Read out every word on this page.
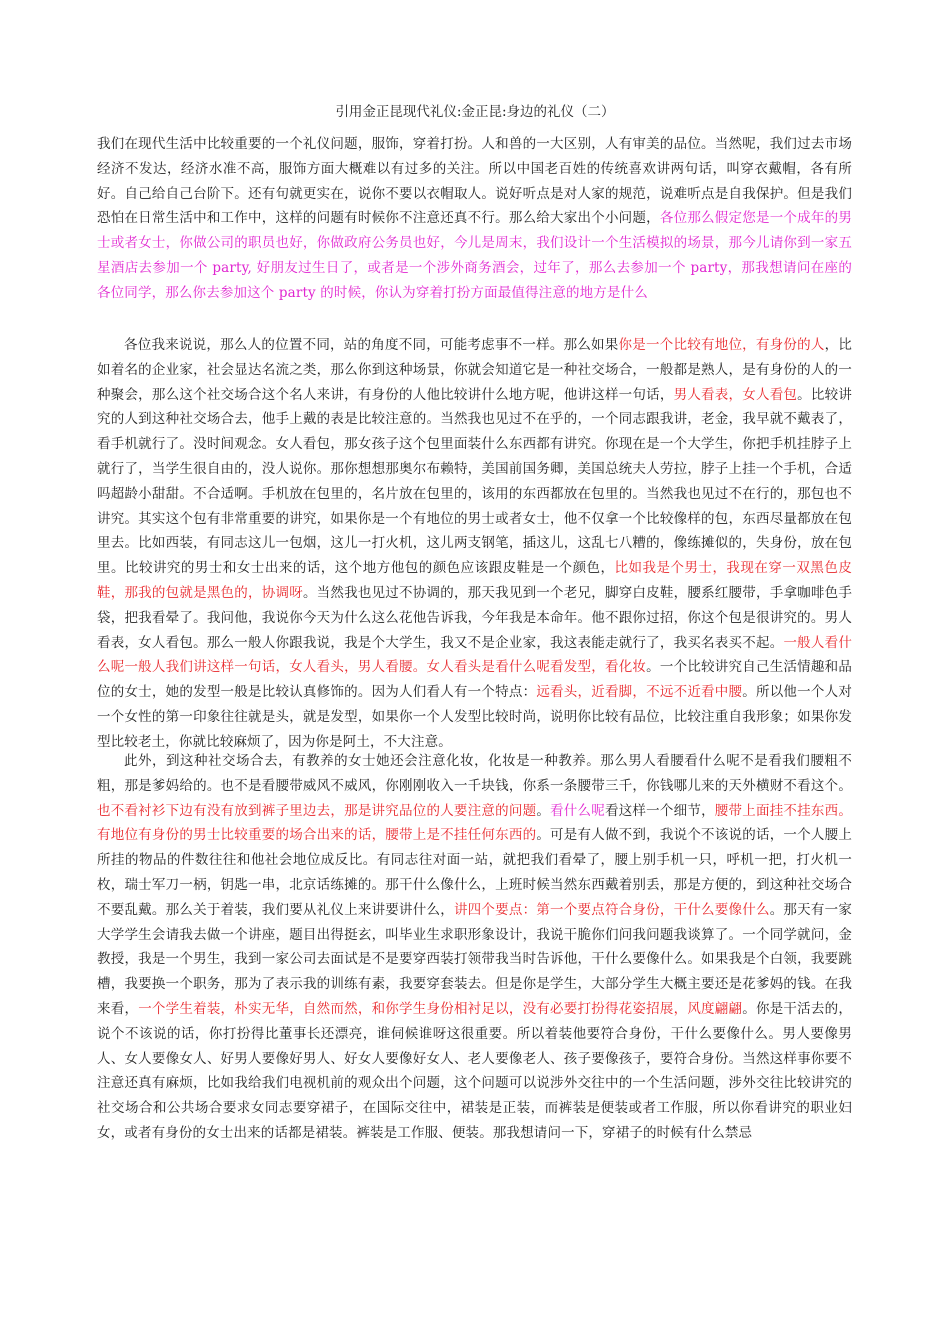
引用金正昆现代礼仪:金正昆:身边的礼仪（二）

我们在现代生活中比较重要的一个礼仪问题，服饰，穿着打扮。人和兽的一大区别，人有审美的品位。当然呢，我们过去市场经济不发达，经济水准不高，服饰方面大概难以有过多的关注。所以中国老百姓的传统喜欢讲两句话，叫穿衣戴帽，各有所好。自己给自己台阶下。还有句就更实在，说你不要以衣帽取人。说好听点是对人家的规范，说难听点是自我保护。但是我们恐怕在日常生活中和工作中，这样的问题有时候你不注意还真不行。那么给大家出个小问题，各位那么假定您是一个成年的男士或者女士，你做公司的职员也好，你做政府公务员也好，今儿是周末，我们设计一个生活模拟的场景，那今儿请你到一家五星酒店去参加一个 party, 好朋友过生日了，或者是一个涉外商务酒会，过年了，那么去参加一个 party，那我想请问在座的各位同学，那么你去参加这个 party 的时候，你认为穿着打扮方面最值得注意的地方是什么

各位我来说说，那么人的位置不同，站的角度不同，可能考虑事不一样。那么如果你是一个比较有地位，有身份的人，比如着名的企业家，社会显达名流之类，那么你到这种场景，你就会知道它是一种社交场合，一般都是熟人，是有身份的人的一种聚会，那么这个社交场合这个名人来讲，有身份的人他比较讲什么地方呢，他讲这样一句话，男人看表，女人看包。比较讲究的人到这种社交场合去，他手上戴的表是比较注意的。当然我也见过不在乎的，一个同志跟我讲，老金，我早就不戴表了，看手机就行了。没时间观念。女人看包，那女孩子这个包里面装什么东西都有讲究。你现在是一个大学生，你把手机挂脖子上就行了，当学生很自由的，没人说你。那你想想那奥尔布赖特，美国前国务卿，美国总统夫人劳拉，脖子上挂一个手机，合适吗超龄小甜甜。不合适啊。手机放在包里的，名片放在包里的，该用的东西都放在包里的。当然我也见过不在行的，那包也不讲究。其实这个包有非常重要的讲究，如果你是一个有地位的男士或者女士，他不仅拿一个比较像样的包，东西尽量都放在包里去。比如西装，有同志这儿一包烟，这儿一打火机，这儿两支钢笔，插这儿，这乱七八糟的，像练摊似的，失身份，放在包里。比较讲究的男士和女士出来的话，这个地方他包的颜色应该跟皮鞋是一个颜色，比如我是个男士，我现在穿一双黑色皮鞋，那我的包就是黑色的，协调呀。当然我也见过不协调的，那天我见到一个老兄，脚穿白皮鞋，腰系红腰带，手拿咖啡色手袋，把我看晕了。我问他，我说你今天为什么这么花他告诉我，今年我是本命年。他不跟你过招，你这个包是很讲究的。男人看表，女人看包。那么一般人你跟我说，我是个大学生，我又不是企业家，我这表能走就行了，我买名表买不起。一般人看什么呢一般人我们讲这样一句话，女人看头，男人看腰。女人看头是看什么呢看发型，看化妆。一个比较讲究自己生活情趣和品位的女士，她的发型一般是比较认真修饰的。因为人们看人有一个特点：远看头，近看脚，不远不近看中腰。所以他一个人对一个女性的第一印象往往就是头，就是发型，如果你一个人发型比较时尚，说明你比较有品位，比较注重自我形象；如果你发型比较老土，你就比较麻烦了，因为你是阿土，不大注意。

此外，到这种社交场合去，有教养的女士她还会注意化妆，化妆是一种教养。那么男人看腰看什么呢不是看我们腰粗不粗，那是爹妈给的。也不是看腰带威风不威风，你刚刚收入一千块钱，你系一条腰带三千，你钱哪儿来的天外横财不看这个。也不看衬衫下边有没有放到裤子里边去，那是讲究品位的人要注意的问题。看什么呢看这样一个细节，腰带上面挂不挂东西。有地位有身份的男士比较重要的场合出来的话，腰带上是不挂任何东西的。可是有人做不到，我说个不该说的话，一个人腰上所挂的物品的件数往往和他社会地位成反比。有同志往对面一站，就把我们看晕了，腰上别手机一只，呼机一把，打火机一枚，瑞士军刀一柄，钥匙一串，北京话练摊的。那干什么像什么，上班时候当然东西戴着别丢，那是方便的，到这种社交场合不要乱戴。那么关于着装，我们要从礼仪上来讲要讲什么，讲四个要点：第一个要点符合身份，干什么要像什么。那天有一家大学学生会请我去做一个讲座，题目出得挺玄，叫毕业生求职形象设计，我说干脆你们问我问题我谈算了。一个同学就问，金教授，我是一个男生，我到一家公司去面试是不是要穿西装打领带我当时告诉他，干什么要像什么。如果我是个白领，我要跳槽，我要换一个职务，那为了表示我的训练有素，我要穿套装去。但是你是学生，大部分学生大概主要还是花爹妈的钱。在我来看，一个学生着装，朴实无华，自然而然，和你学生身份相衬足以，没有必要打扮得花姿招展，风度翩翩。你是干活去的，说个不该说的话，你打扮得比董事长还漂亮，谁伺候谁呀这很重要。所以着装他要符合身份，干什么要像什么。男人要像男人、女人要像女人、好男人要像好男人、好女人要像好女人、老人要像老人、孩子要像孩子，要符合身份。当然这样事你要不注意还真有麻烦，比如我给我们电视机前的观众出个问题，这个问题可以说涉外交往中的一个生活问题，涉外交往比较讲究的社交场合和公共场合要求女同志要穿裙子，在国际交往中，裙装是正装，而裤装是便装或者工作服，所以你看讲究的职业妇女，或者有身份的女士出来的话都是裙装。裤装是工作服、便装。那我想请问一下，穿裙子的时候有什么禁忌
